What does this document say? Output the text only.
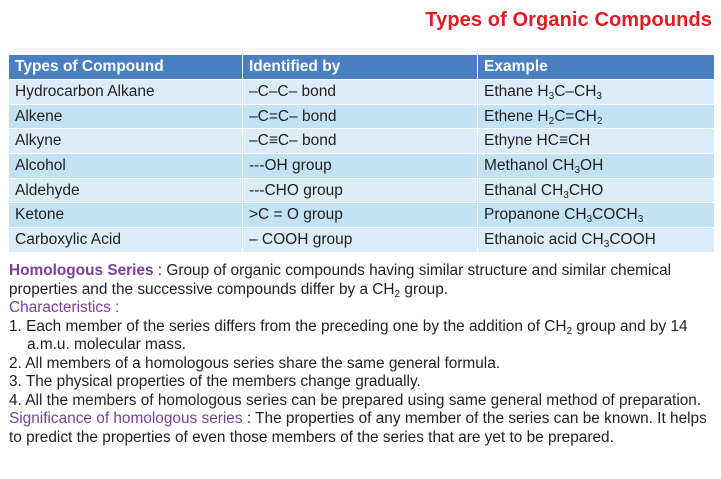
Types of Organic Compounds
Types of Compound	Identified by	Example
Hydrocarbon Alkane	–C–C– bond	Ethane $H_3C-CH_3$
Alkene	–C=C– bond	Ethene $H_2C=CH_2$
Alkyne	–C≡C– bond	Ethyne HC≡CH
Alcohol	---OH group	Methanol $CH_3OH$
Aldehyde	---CHO group	Ethanal $CH_3CHO$
Ketone	>C = O group	Propanone $CH_3COCH_3$
Carboxylic Acid	– COOH group	Ethanoic acid $CH_3COOH$

Homologous Series : Group of organic compounds having similar structure and similar chemical properties and the successive compounds differ by a $CH_2$ group.

Characteristics :

1. Each member of the series differs from the preceding one by the addition of $CH_2$ group and by 14 a.m.u. molecular mass.

2. All members of a homologous series share the same general formula.

3. The physical properties of the members change gradually.

4. All the members of homologous series can be prepared using same general method of preparation.

Significance of homologous series : The properties of any member of the series can be known. It helps to predict the properties of even those members of the series that are yet to be prepared.
